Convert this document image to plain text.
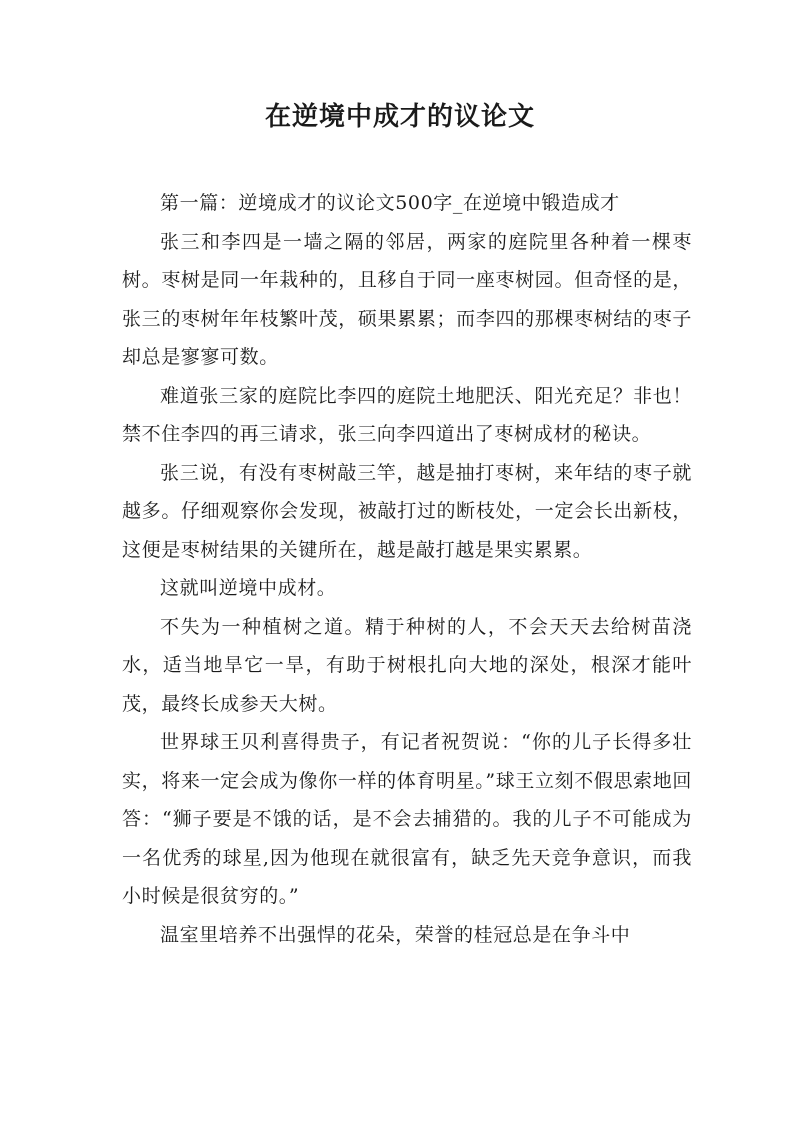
在逆境中成才的议论文

第一篇：逆境成才的议论文500字_在逆境中锻造成才

张三和李四是一墙之隔的邻居，两家的庭院里各种着一棵枣树。枣树是同一年栽种的，且移自于同一座枣树园。但奇怪的是，张三的枣树年年枝繁叶茂，硕果累累；而李四的那棵枣树结的枣子却总是寥寥可数。

难道张三家的庭院比李四的庭院土地肥沃、阳光充足？非也！禁不住李四的再三请求，张三向李四道出了枣树成材的秘诀。

张三说，有没有枣树敲三竿，越是抽打枣树，来年结的枣子就越多。仔细观察你会发现，被敲打过的断枝处，一定会长出新枝，这便是枣树结果的关键所在，越是敲打越是果实累累。

这就叫逆境中成材。

不失为一种植树之道。精于种树的人，不会天天去给树苗浇水，适当地旱它一旱，有助于树根扎向大地的深处，根深才能叶茂，最终长成参天大树。

世界球王贝利喜得贵子，有记者祝贺说：“你的儿子长得多壮实，将来一定会成为像你一样的体育明星。”球王立刻不假思索地回答：“狮子要是不饿的话，是不会去捕猎的。我的儿子不可能成为一名优秀的球星,因为他现在就很富有，缺乏先天竞争意识，而我小时候是很贫穷的。”

温室里培养不出强悍的花朵，荣誉的桂冠总是在争斗中
